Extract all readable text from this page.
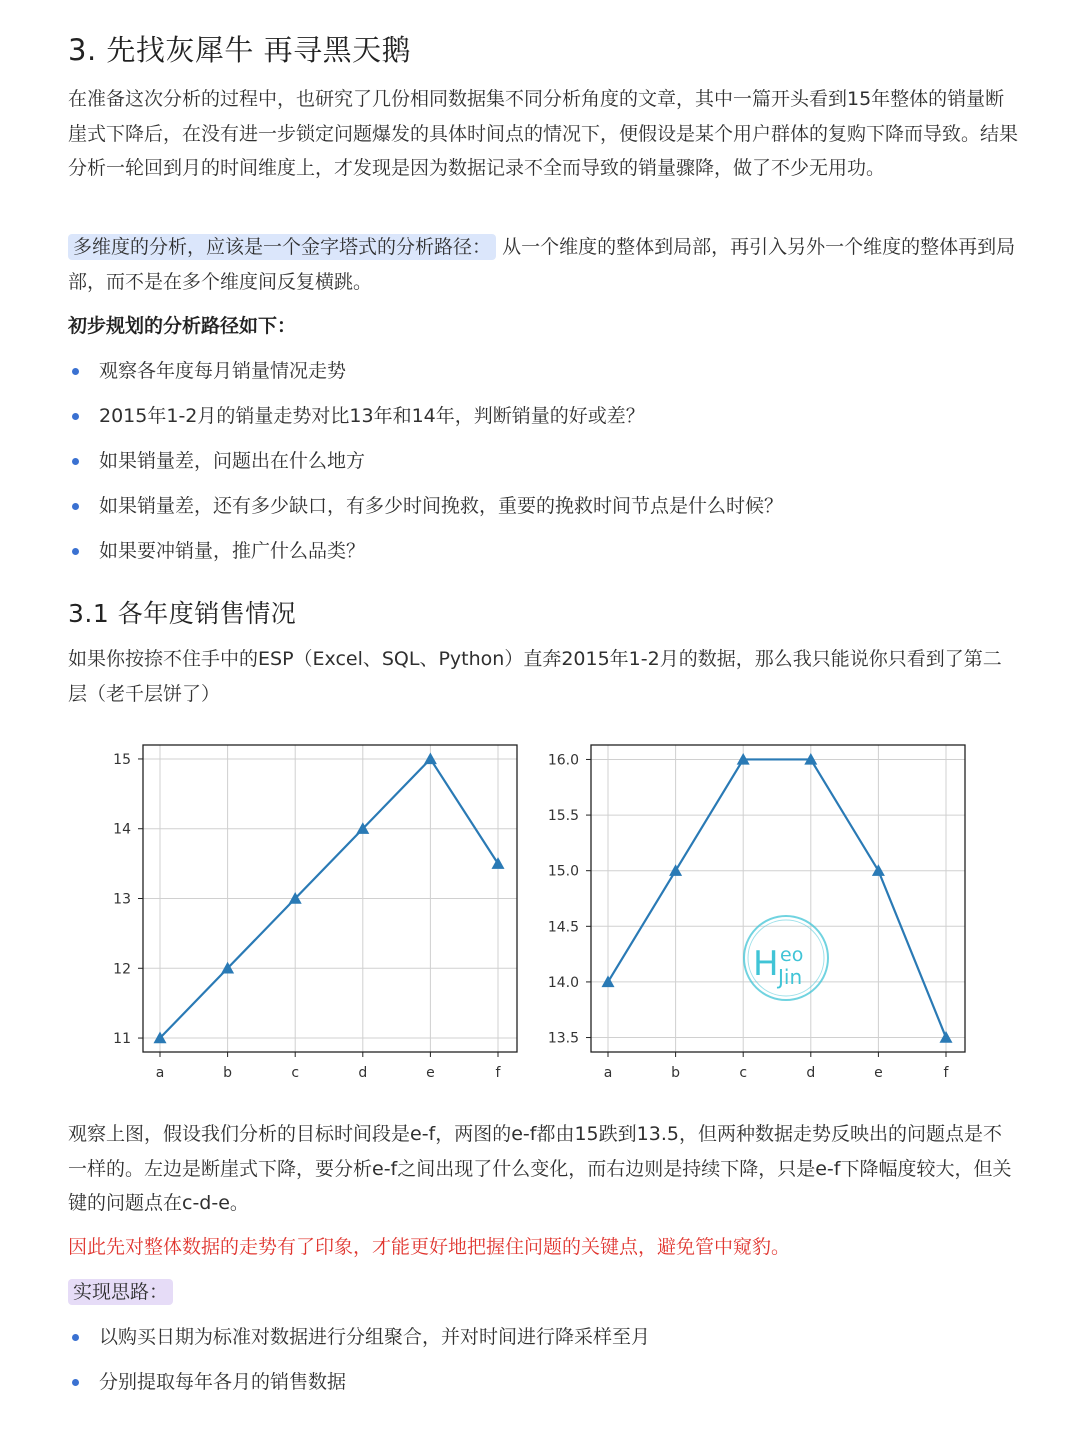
3. 先找灰犀牛 再寻黑天鹅

在准备这次分析的过程中，也研究了几份相同数据集不同分析角度的文章，其中一篇开头看到15年整体的销量断崖式下降后，在没有进一步锁定问题爆发的具体时间点的情况下，便假设是某个用户群体的复购下降而导致。结果分析一轮回到月的时间维度上，才发现是因为数据记录不全而导致的销量骤降，做了不少无用功。

多维度的分析，应该是一个金字塔式的分析路径： 从一个维度的整体到局部，再引入另外一个维度的整体再到局部，而不是在多个维度间反复横跳。

初步规划的分析路径如下：

观察各年度每月销量情况走势
2015年1-2月的销量走势对比13年和14年，判断销量的好或差？
如果销量差，问题出在什么地方
如果销量差，还有多少缺口，有多少时间挽救，重要的挽救时间节点是什么时候？
如果要冲销量，推广什么品类？
3.1 各年度销售情况

如果你按捺不住手中的ESP（Excel、SQL、Python）直奔2015年1-2月的数据，那么我只能说你只看到了第二层（老千层饼了）

11
12
13
14
15
a	b	c	d	e	f
13.5
14.0
14.5
15.0
15.5
16.0
a	b	c	d	e	f
H eo
Jin

观察上图，假设我们分析的目标时间段是e-f，两图的e-f都由15跌到13.5，但两种数据走势反映出的问题点是不一样的。左边是断崖式下降，要分析e-f之间出现了什么变化，而右边则是持续下降，只是e-f下降幅度较大，但关键的问题点在c-d-e。

因此先对整体数据的走势有了印象，才能更好地把握住问题的关键点，避免管中窥豹。

实现思路：

以购买日期为标准对数据进行分组聚合，并对时间进行降采样至月
分别提取每年各月的销售数据
